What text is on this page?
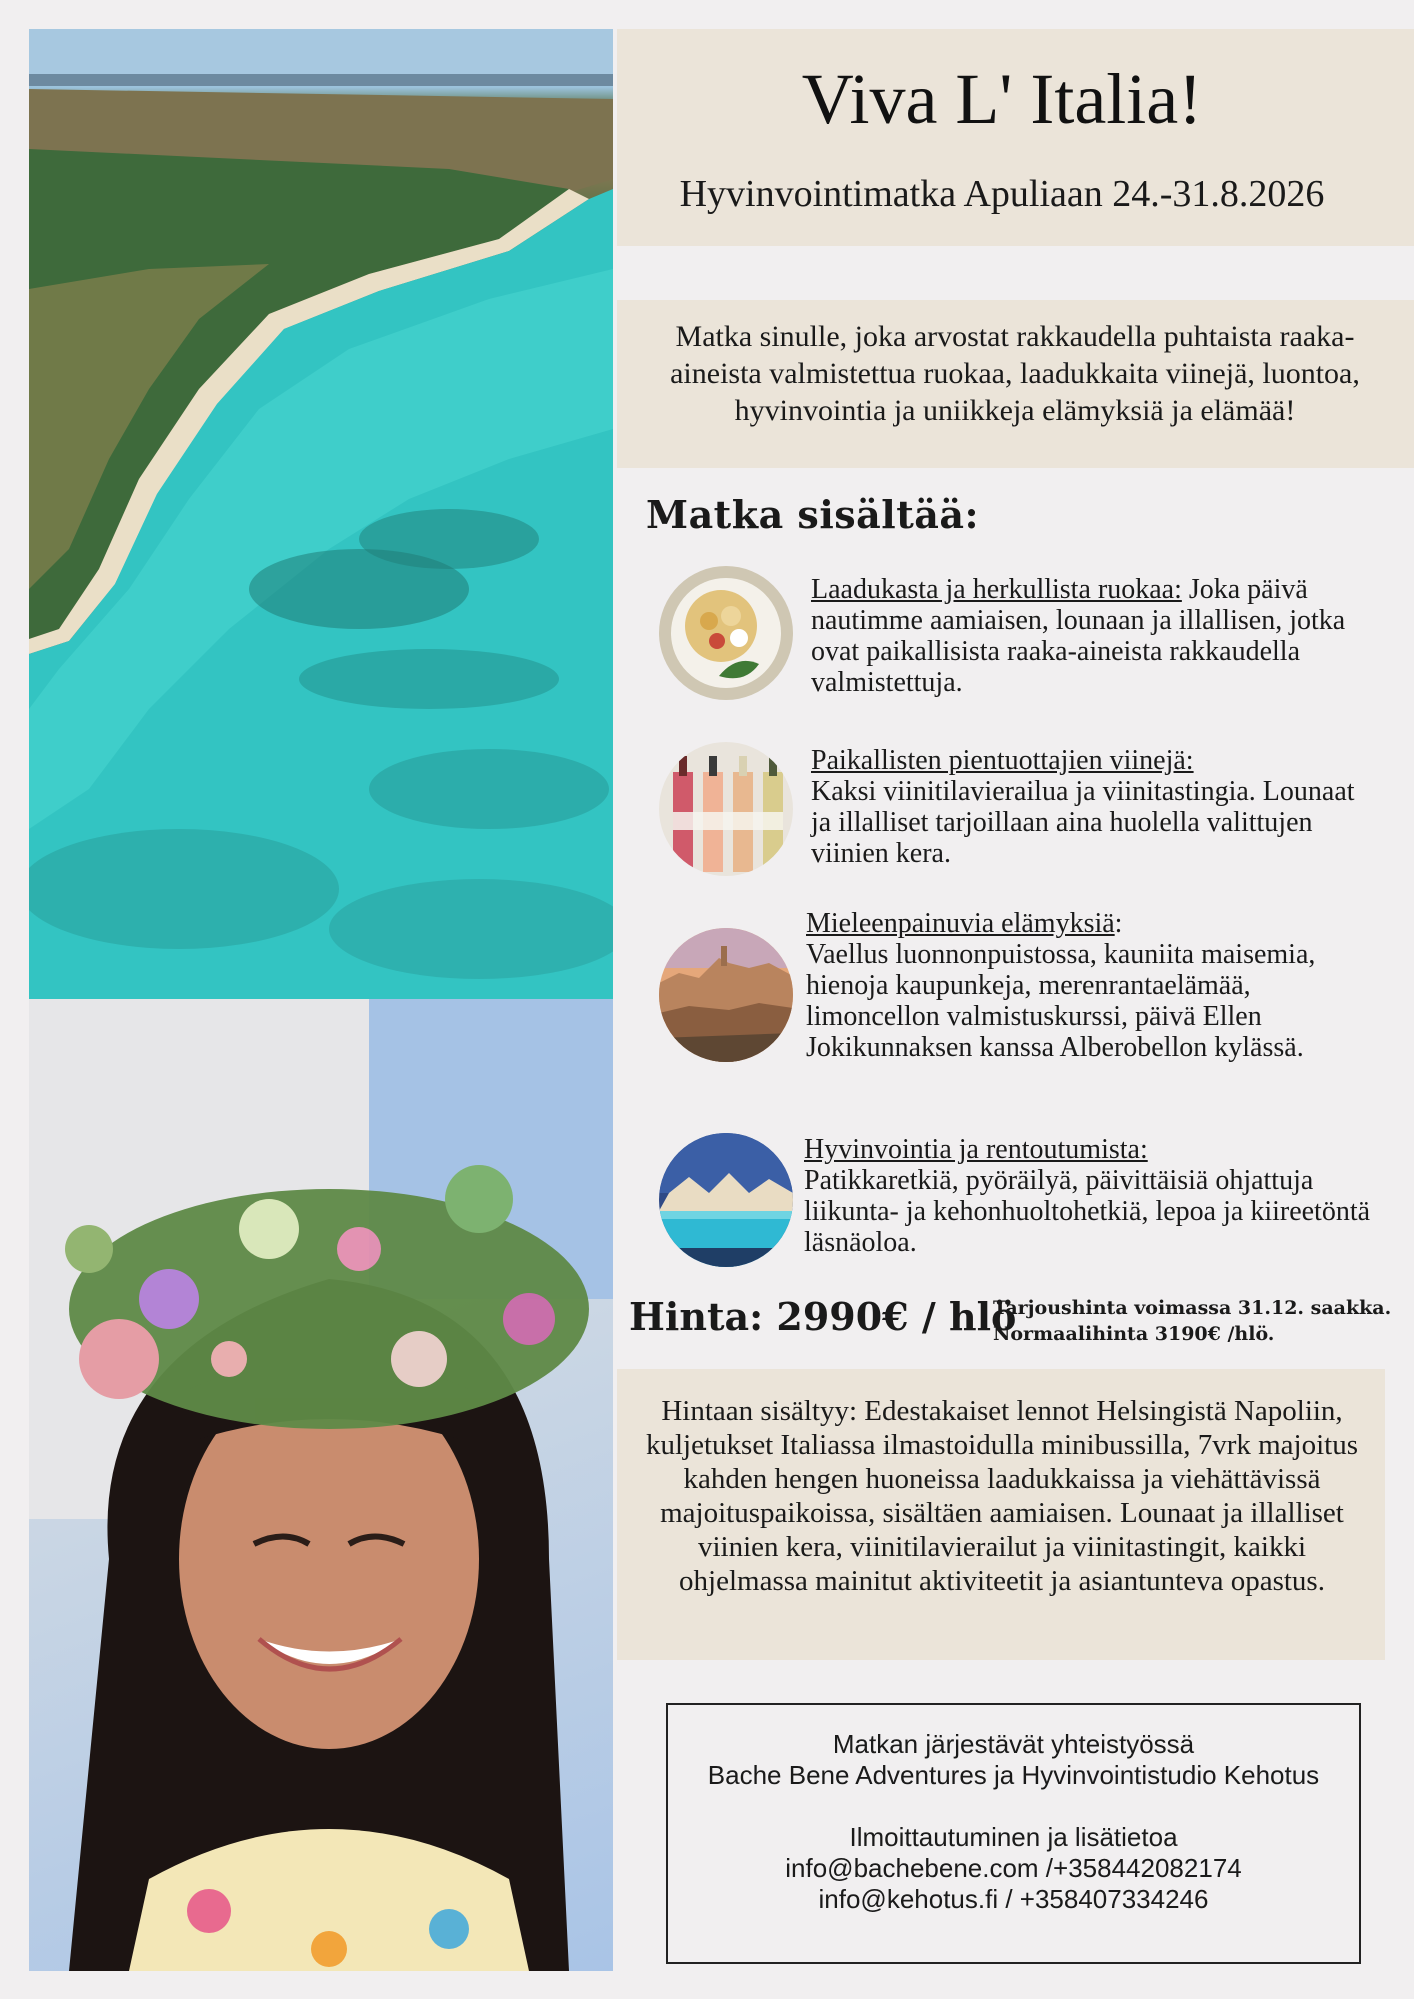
Viva L' Italia!
Hyvinvointimatka Apuliaan 24.-31.8.2026
Matka sinulle, joka arvostat rakkaudella puhtaista raaka-aineista valmistettua ruokaa, laadukkaita viinejä, luontoa, hyvinvointia ja uniikkeja elämyksiä ja elämää!
Matka sisältää:
Laadukasta ja herkullista ruokaa: Joka päivä nautimme aamiaisen, lounaan ja illallisen, jotka ovat paikallisista raaka-aineista rakkaudella valmistettuja.
Paikallisten pientuottajien viinejä:
Kaksi viinitilavierailua ja viinitastingia. Lounaat ja illalliset tarjoillaan aina huolella valittujen viinien kera.
Mieleenpainuvia elämyksiä:
Vaellus luonnonpuistossa, kauniita maisemia, hienoja kaupunkeja, merenrantaelämää, limoncellon valmistuskurssi, päivä Ellen Jokikunnaksen kanssa Alberobellon kylässä.
Hyvinvointia ja rentoutumista:
Patikkaretkiä, pyöräilyä, päivittäisiä ohjattuja liikunta- ja kehonhuoltohetkiä, lepoa ja kiireetöntä läsnäoloa.
Hinta: 2990€ / hlö
Tarjoushinta voimassa 31.12. saakka.
Normaalihinta 3190€ /hlö.
Hintaan sisältyy: Edestakaiset lennot Helsingistä Napoliin, kuljetukset Italiassa ilmastoidulla minibussilla, 7vrk majoitus kahden hengen huoneissa laadukkaissa ja viehättävissä majoituspaikoissa, sisältäen aamiaisen. Lounaat ja illalliset viinien kera, viinitilavierailut ja viinitastingit, kaikki ohjelmassa mainitut aktiviteetit ja asiantunteva opastus.
Matkan järjestävät yhteistyössä
Bache Bene Adventures ja Hyvinvointistudio Kehotus
Ilmoittautuminen ja lisätietoa
info@bachebene.com /+358442082174
info@kehotus.fi / +358407334246
